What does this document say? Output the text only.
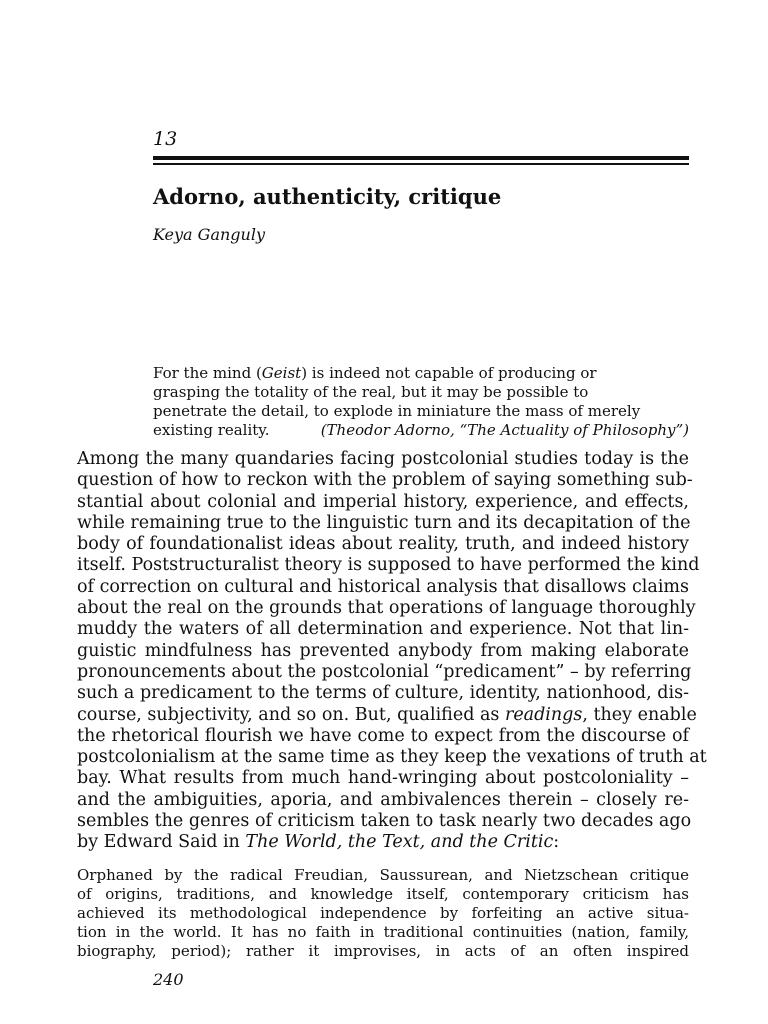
13
Adorno, authenticity, critique
Keya Ganguly
For the mind (Geist) is indeed not capable of producing or
grasping the totality of the real, but it may be possible to
penetrate the detail, to explode in miniature the mass of merely
existing reality.	(Theodor Adorno, “The Actuality of Philosophy”)
Among the many quandaries facing postcolonial studies today is the
question of how to reckon with the problem of saying something sub-
stantial about colonial and imperial history, experience, and effects,
while remaining true to the linguistic turn and its decapitation of the
body of foundationalist ideas about reality, truth, and indeed history
itself. Poststructuralist theory is supposed to have performed the kind
of correction on cultural and historical analysis that disallows claims
about the real on the grounds that operations of language thoroughly
muddy the waters of all determination and experience. Not that lin-
guistic mindfulness has prevented anybody from making elaborate
pronouncements about the postcolonial “predicament” – by referring
such a predicament to the terms of culture, identity, nationhood, dis-
course, subjectivity, and so on. But, qualified as readings, they enable
the rhetorical flourish we have come to expect from the discourse of
postcolonialism at the same time as they keep the vexations of truth at
bay. What results from much hand-wringing about postcoloniality –
and the ambiguities, aporia, and ambivalences therein – closely re-
sembles the genres of criticism taken to task nearly two decades ago
by Edward Said in The World, the Text, and the Critic:
Orphaned by the radical Freudian, Saussurean, and Nietzschean critique
of origins, traditions, and knowledge itself, contemporary criticism has
achieved its methodological independence by forfeiting an active situa-
tion in the world. It has no faith in traditional continuities (nation, family,
biography, period); rather it improvises, in acts of an often inspired
240
